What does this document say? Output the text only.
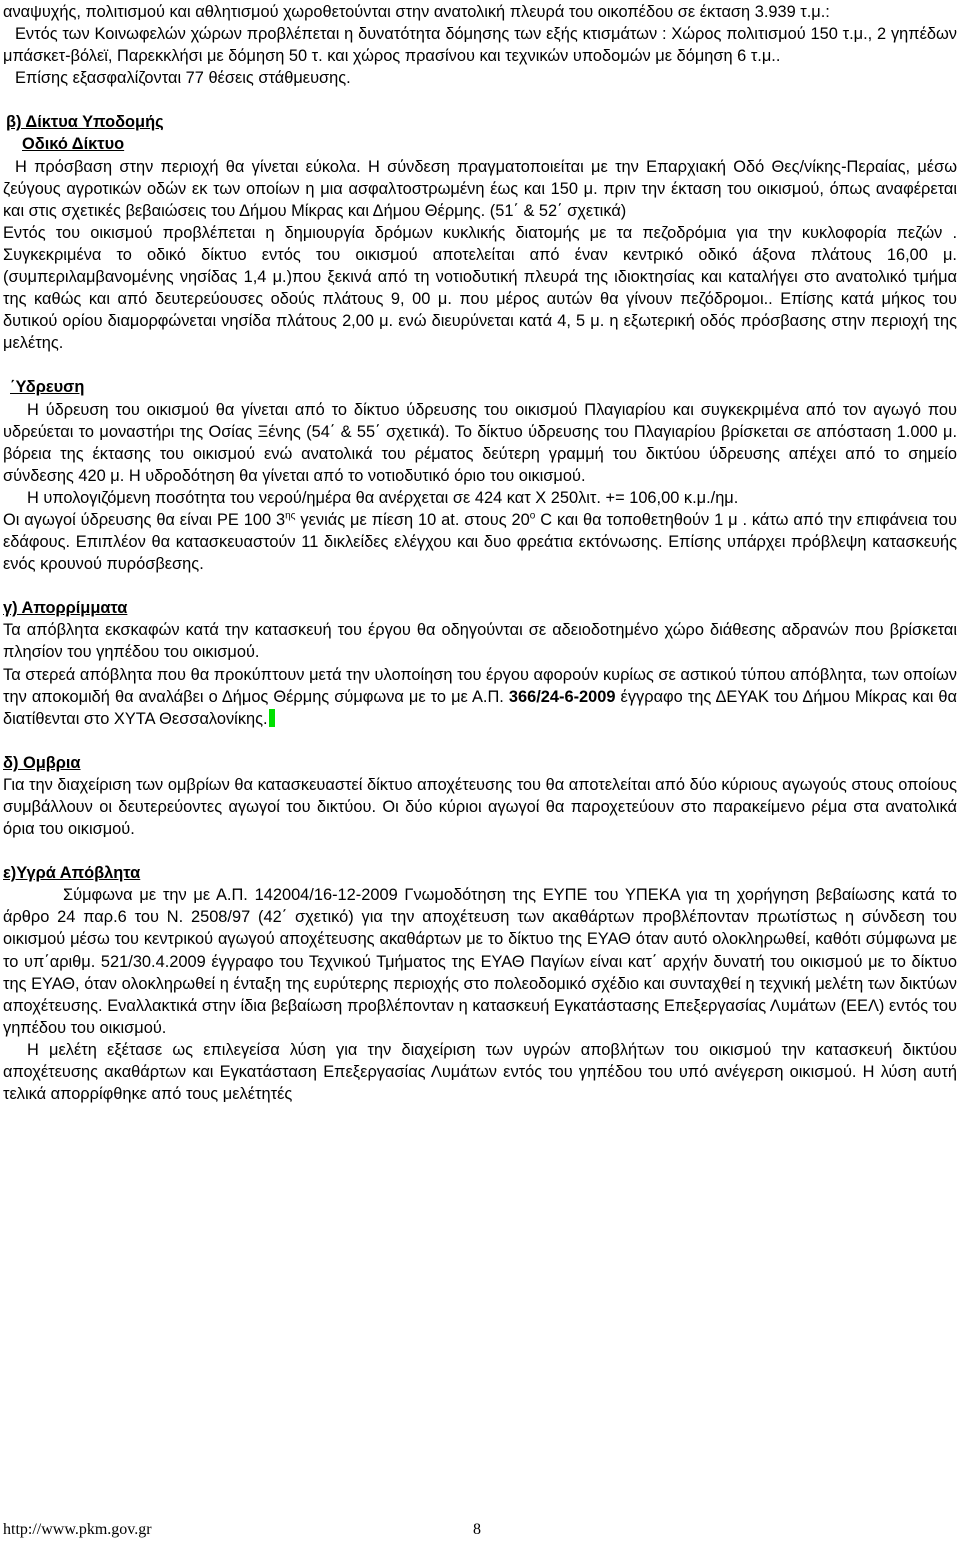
αναψυχής, πολιτισμού και αθλητισμού χωροθετούνται στην ανατολική πλευρά του οικοπέδου σε έκταση 3.939 τ.μ.:

Εντός των Κοινωφελών χώρων προβλέπεται η δυνατότητα δόμησης των εξής κτισμάτων : Χώρος πολιτισμού 150 τ.μ., 2 γηπέδων μπάσκετ-βόλεϊ, Παρεκκλήσι με δόμηση 50 τ. και χώρος πρασίνου και τεχνικών υποδομών με δόμηση 6 τ.μ..

Επίσης εξασφαλίζονται 77 θέσεις στάθμευσης.

β) Δίκτυα Υποδομής
Οδικό Δίκτυο

Η πρόσβαση στην περιοχή θα γίνεται εύκολα. Η σύνδεση πραγματοποιείται με την Επαρχιακή Οδό Θες/νίκης-Περαίας, μέσω ζεύγους αγροτικών οδών εκ των οποίων η μια ασφαλτοστρωμένη έως και 150 μ. πριν την έκταση του οικισμού, όπως αναφέρεται και στις σχετικές βεβαιώσεις του Δήμου Μίκρας και Δήμου Θέρμης. (51΄ & 52΄ σχετικά)

Εντός του οικισμού προβλέπεται η δημιουργία δρόμων κυκλικής διατομής με τα πεζοδρόμια για την κυκλοφορία πεζών . Συγκεκριμένα το οδικό δίκτυο εντός του οικισμού αποτελείται από έναν κεντρικό οδικό άξονα πλάτους 16,00 μ. (συμπεριλαμβανομένης νησίδας 1,4 μ.)που ξεκινά από τη νοτιοδυτική πλευρά της ιδιοκτησίας και καταλήγει στο ανατολικό τμήμα της καθώς και από δευτερεύουσες οδούς πλάτους 9, 00 μ. που μέρος αυτών θα γίνουν πεζόδρομοι.. Επίσης κατά μήκος του δυτικού ορίου διαμορφώνεται νησίδα πλάτους 2,00 μ. ενώ διευρύνεται κατά 4, 5 μ. η εξωτερική οδός πρόσβασης στην περιοχή της μελέτης.

΄Υδρευση

Η ύδρευση του οικισμού θα γίνεται από το δίκτυο ύδρευσης του οικισμού Πλαγιαρίου και συγκεκριμένα από τον αγωγό που υδρεύεται το μοναστήρι της Οσίας Ξένης (54΄ & 55΄ σχετικά). Το δίκτυο ύδρευσης του Πλαγιαρίου βρίσκεται σε απόσταση 1.000 μ. βόρεια της έκτασης του οικισμού ενώ ανατολικά του ρέματος δεύτερη γραμμή του δικτύου ύδρευσης απέχει από το σημείο σύνδεσης 420 μ. Η υδροδότηση θα γίνεται από το νοτιοδυτικό όριο του οικισμού.

Η υπολογιζόμενη ποσότητα του νερού/ημέρα θα ανέρχεται σε 424 κατ Χ 250λιτ. += 106,00 κ.μ./ημ.

Οι αγωγοί ύδρευσης θα είναι PE 100 $3^{\eta\varsigma}$ γενιάς με πίεση 10 at. στους $20^o$ C και θα τοποθετηθούν 1 μ . κάτω από την επιφάνεια του εδάφους. Επιπλέον θα κατασκευαστούν 11 δικλείδες ελέγχου και δυο φρεάτια εκτόνωσης. Επίσης υπάρχει πρόβλεψη κατασκευής ενός κρουνού πυρόσβεσης.

γ) Απορρίμματα

Τα απόβλητα εκσκαφών κατά την κατασκευή του έργου θα οδηγούνται σε αδειοδοτημένο χώρο διάθεσης αδρανών που βρίσκεται πλησίον του γηπέδου του οικισμού.

Τα στερεά απόβλητα που θα προκύπτουν μετά την υλοποίηση του έργου αφορούν κυρίως σε αστικού τύπου απόβλητα, των οποίων την αποκομιδή θα αναλάβει ο Δήμος Θέρμης σύμφωνα με το με Α.Π. 366/24-6-2009 έγγραφο της ΔΕΥΑΚ του Δήμου Μίκρας και θα διατίθενται στο ΧΥΤΑ Θεσσαλονίκης.

δ) Ομβρια

Για την διαχείριση των ομβρίων θα κατασκευαστεί δίκτυο αποχέτευσης του θα αποτελείται από δύο κύριους αγωγούς στους οποίους συμβάλλουν οι δευτερεύοντες αγωγοί του δικτύου. Οι δύο κύριοι αγωγοί θα παροχετεύουν στο παρακείμενο ρέμα στα ανατολικά όρια του οικισμού.

ε)Υγρά Απόβλητα

Σύμφωνα με την με Α.Π. 142004/16-12-2009 Γνωμοδότηση της ΕΥΠΕ του ΥΠΕΚΑ για τη χορήγηση βεβαίωσης κατά το άρθρο 24 παρ.6 του Ν. 2508/97 (42΄ σχετικό) για την αποχέτευση των ακαθάρτων προβλέπονταν πρωτίστως η σύνδεση του οικισμού μέσω του κεντρικού αγωγού αποχέτευσης ακαθάρτων με το δίκτυο της ΕΥΑΘ όταν αυτό ολοκληρωθεί, καθότι σύμφωνα με το υπ΄αριθμ. 521/30.4.2009 έγγραφο του Τεχνικού Τμήματος της ΕΥΑΘ Παγίων είναι κατ΄ αρχήν δυνατή του οικισμού με το δίκτυο της ΕΥΑΘ, όταν ολοκληρωθεί η ένταξη της ευρύτερης περιοχής στο πολεοδομικό σχέδιο και συνταχθεί η τεχνική μελέτη των δικτύων αποχέτευσης. Εναλλακτικά στην ίδια βεβαίωση προβλέπονταν η κατασκευή Εγκατάστασης Επεξεργασίας Λυμάτων (ΕΕΛ) εντός του γηπέδου του οικισμού.

Η μελέτη εξέτασε ως επιλεγείσα λύση για την διαχείριση των υγρών αποβλήτων του οικισμού την κατασκευή δικτύου αποχέτευσης ακαθάρτων και Εγκατάσταση Επεξεργασίας Λυμάτων εντός του γηπέδου του υπό ανέγερση οικισμού. Η λύση αυτή τελικά απορρίφθηκε από τους μελέτητές

http://www.pkm.gov.gr	8
